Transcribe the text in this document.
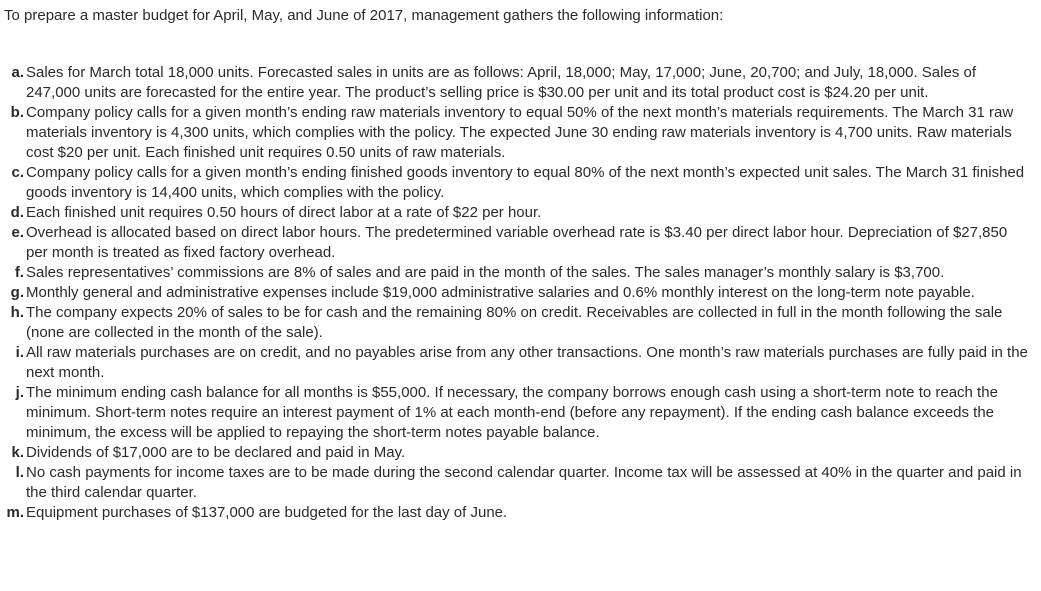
To prepare a master budget for April, May, and June of 2017, management gathers the following information:

a. Sales for March total 18,000 units. Forecasted sales in units are as follows: April, 18,000; May, 17,000; June, 20,700; and July, 18,000. Sales of 247,000 units are forecasted for the entire year. The product’s selling price is $30.00 per unit and its total product cost is $24.20 per unit.
b. Company policy calls for a given month’s ending raw materials inventory to equal 50% of the next month’s materials requirements. The March 31 raw materials inventory is 4,300 units, which complies with the policy. The expected June 30 ending raw materials inventory is 4,700 units. Raw materials cost $20 per unit. Each finished unit requires 0.50 units of raw materials.
c. Company policy calls for a given month’s ending finished goods inventory to equal 80% of the next month’s expected unit sales. The March 31 finished goods inventory is 14,400 units, which complies with the policy.
d. Each finished unit requires 0.50 hours of direct labor at a rate of $22 per hour.
e. Overhead is allocated based on direct labor hours. The predetermined variable overhead rate is $3.40 per direct labor hour. Depreciation of $27,850 per month is treated as fixed factory overhead.
f. Sales representatives’ commissions are 8% of sales and are paid in the month of the sales. The sales manager’s monthly salary is $3,700.
g. Monthly general and administrative expenses include $19,000 administrative salaries and 0.6% monthly interest on the long-term note payable.
h. The company expects 20% of sales to be for cash and the remaining 80% on credit. Receivables are collected in full in the month following the sale (none are collected in the month of the sale).
i. All raw materials purchases are on credit, and no payables arise from any other transactions. One month’s raw materials purchases are fully paid in the next month.
j. The minimum ending cash balance for all months is $55,000. If necessary, the company borrows enough cash using a short-term note to reach the minimum. Short-term notes require an interest payment of 1% at each month-end (before any repayment). If the ending cash balance exceeds the minimum, the excess will be applied to repaying the short-term notes payable balance.
k. Dividends of $17,000 are to be declared and paid in May.
l. No cash payments for income taxes are to be made during the second calendar quarter. Income tax will be assessed at 40% in the quarter and paid in the third calendar quarter.
m. Equipment purchases of $137,000 are budgeted for the last day of June.
